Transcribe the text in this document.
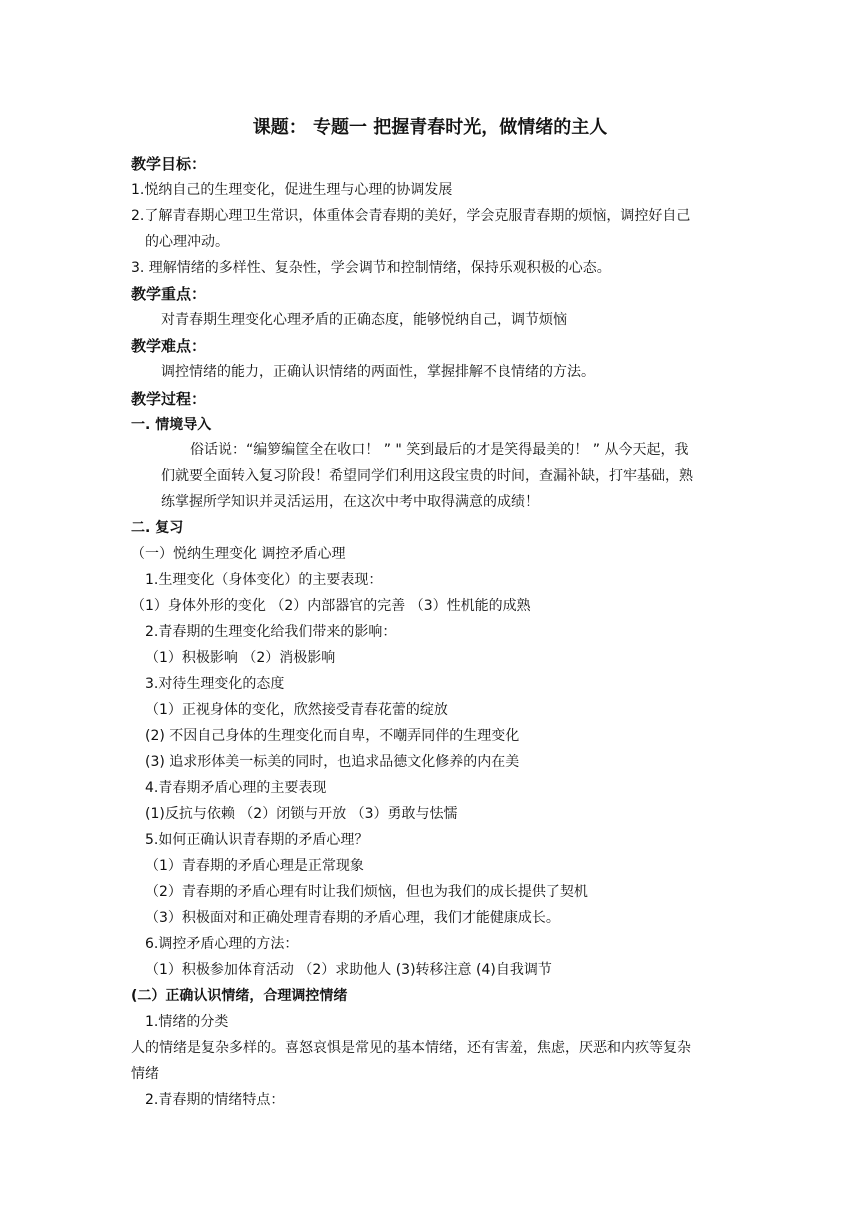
课题： 专题一 把握青春时光，做情绪的主人
教学目标：
1.悦纳自己的生理变化，促进生理与心理的协调发展
2.了解青春期心理卫生常识，体重体会青春期的美好，学会克服青春期的烦恼，调控好自己
的心理冲动。
3. 理解情绪的多样性、复杂性，学会调节和控制情绪，保持乐观积极的心态。
教学重点：
对青春期生理变化心理矛盾的正确态度，能够悦纳自己，调节烦恼
教学难点：
调控情绪的能力，正确认识情绪的两面性，掌握排解不良情绪的方法。
教学过程：
一. 情境导入
俗话说：“编箩编筐全在收口！ ” " 笑到最后的才是笑得最美的！ ” 从今天起，我
们就要全面转入复习阶段！希望同学们利用这段宝贵的时间，查漏补缺，打牢基础，熟
练掌握所学知识并灵活运用，在这次中考中取得满意的成绩！
二. 复习
（一）悦纳生理变化 调控矛盾心理
1.生理变化（身体变化）的主要表现：
（1）身体外形的变化 （2）内部器官的完善 （3）性机能的成熟
2.青春期的生理变化给我们带来的影响：
（1）积极影响 （2）消极影响
3.对待生理变化的态度
（1）正视身体的变化，欣然接受青春花蕾的绽放
(2) 不因自己身体的生理变化而自卑，不嘲弄同伴的生理变化
(3) 追求形体美一标美的同时，也追求品德文化修养的内在美
4.青春期矛盾心理的主要表现
(1)反抗与依赖 （2）闭锁与开放 （3）勇敢与怯懦
5.如何正确认识青春期的矛盾心理？
（1）青春期的矛盾心理是正常现象
（2）青春期的矛盾心理有时让我们烦恼，但也为我们的成长提供了契机
（3）积极面对和正确处理青春期的矛盾心理，我们才能健康成长。
6.调控矛盾心理的方法：
（1）积极参加体育活动 （2）求助他人 (3)转移注意 (4)自我调节
(二）正确认识情绪，合理调控情绪
1.情绪的分类
人的情绪是复杂多样的。喜怒哀惧是常见的基本情绪，还有害羞，焦虑，厌恶和内疚等复杂
情绪
2.青春期的情绪特点：
